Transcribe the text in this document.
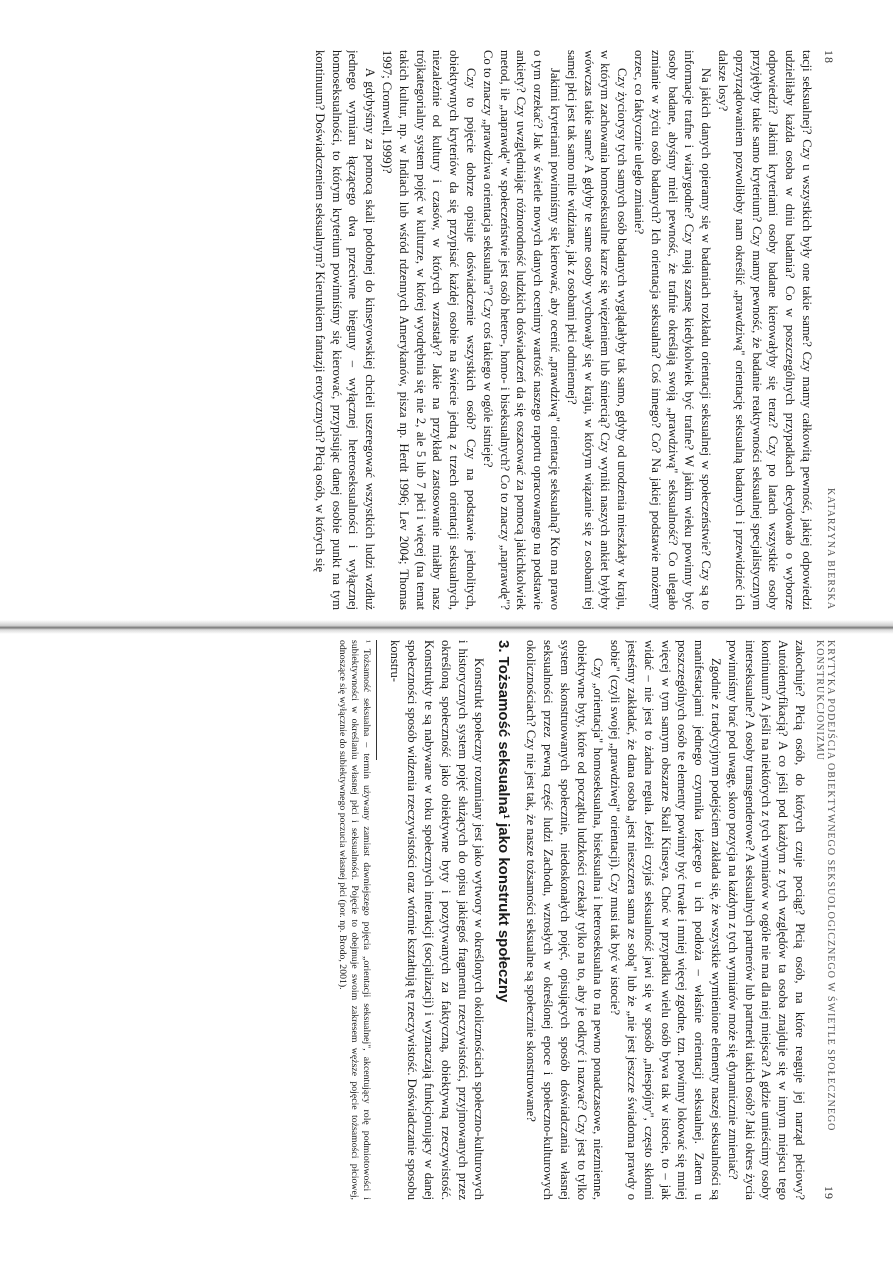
18
KATARZYNA BIERSKA

tacji seksualnej? Czy u wszystkich były one takie same? Czy mamy całkowitą pewność, jakiej odpowiedzi udzieliłaby każda osoba w dniu badania? Co w poszczególnych przypadkach decydowało o wyborze odpowiedzi? Jakimi kryteriami osoby badane kierowałyby się teraz? Czy po latach wszystkie osoby przyjęłyby takie samo kryterium? Czy mamy pewność, że badanie reaktywności seksualnej specjalistycznym oprzyrządowaniem pozwoliłoby nam określić „prawdziwą" orientację seksualną badanych i przewidzieć ich dalsze losy?

Na jakich danych opieramy się w badaniach rozkładu orientacji seksualnej w społeczeństwie? Czy są to informacje trafne i wiarygodne? Czy mają szansę kiedykolwiek być trafne? W jakim wieku powinny być osoby badane, abyśmy mieli pewność, że trafnie określają swoją „prawdziwą" seksualność? Co ulegało zmianie w życiu osób badanych? Ich orientacja seksualna? Coś innego? Co? Na jakiej podstawie możemy orzec, co faktycznie uległo zmianie?

Czy życiorysy tych samych osób badanych wyglądałyby tak samo, gdyby od urodzenia mieszkały w kraju, w którym zachowania homoseksualne karze się więzieniem lub śmiercią? Czy wyniki naszych ankiet byłyby wówczas takie same? A gdyby te same osoby wychowały się w kraju, w którym wiązanie się z osobami tej samej płci jest tak samo mile widziane, jak z osobami płci odmiennej?

Jakimi kryteriami powinniśmy się kierować, aby ocenić „prawdziwą" orientację seksualną? Kto ma prawo o tym orzekać? Jak w świetle nowych danych ocenimy wartość naszego raportu opracowanego na podstawie ankiety? Czy uwzględniając różnorodność ludzkich doświadczeń da się oszacować za pomocą jakichkolwiek metod, ile „naprawdę" w społeczeństwie jest osób hetero-, homo- i biseksualnych? Co to znaczy „naprawdę"? Co to znaczy „prawdziwa orientacja seksualna"? Czy coś takiego w ogóle istnieje?

Czy to pojęcie dobrze opisuje doświadczenie wszystkich osób? Czy na podstawie jednolitych, obiektywnych kryteriów da się przypisać każdej osobie na świecie jedną z trzech orientacji seksualnych, niezależnie od kultury i czasów, w których wzrastały? Jakie na przykład zastosowanie miałby nasz trójkategorialny system pojęć w kulturze, w której wyodrębnia się nie 2, ale 5 lub 7 płci i więcej (na temat takich kultur, np. w Indiach lub wśród rdzennych Amerykanów, pisza np. Herdt 1996; Lev 2004; Thomas 1997; Cromwell, 1999)?

A gdybyśmy za pomocą skali podobnej do kinseyowskiej chcieli uszeregować wszystkich ludzi wzdłuż jednego wymiaru łączącego dwa przeciwne bieguny – wyłącznej heteroseksualności i wyłącznej homoseksualności, to którym kryterium powinniśmy się kierować, przypisując danej osobie punkt na tym kontinuum? Doświadczeniem seksualnym? Kierunkiem fantazji erotycznych? Płcią osób, w których się

KRYTYKA PODEJŚCIA OBIEKTYWNEGO SEKSUOLOGICZNEGO W ŚWIETLE SPOŁECZNEGO KONSTRUKCJONIZMU
19

zakochuje? Płcią osób, do których czuje pociąg? Płcią osób, na które reaguje jej narząd płciowy? Autoidentyfikacją? A co jeśli pod każdym z tych względów ta osoba znajduje się w innym miejscu tego kontinuum? A jeśli na niektórych z tych wymiarów w ogóle nie ma dla niej miejsca? A gdzie umieścimy osoby interseksualne? A osoby transgenderowe? A seksualnych partnerów lub partnerki takich osób? Jaki okres życia powinniśmy brać pod uwagę, skoro pozycja na każdym z tych wymiarów może się dynamicznie zmieniać?

Zgodnie z tradycyjnym podejściem zakłada się, że wszystkie wymienione elementy naszej seksualności są manifestacjami jednego czynnika leżącego u ich podłoża – właśnie orientacji seksualnej. Zatem u poszczególnych osób te elementy powinny być trwałe i mniej więcej zgodne, tzn. powinny lokować się mniej więcej w tym samym obszarze Skali Kinseya. Choć w przypadku wielu osób bywa tak w istocie, to – jak widać – nie jest to żadna reguła. Jeżeli czyjaś seksualność jawi się w sposób „niespójny", często skłonni jesteśmy zakładać, że dana osoba „jest nieszczera sama ze sobą" lub że „nie jest jeszcze świadoma prawdy o sobie" (czyli swojej „prawdziwej" orientacji). Czy musi tak być w istocie?

Czy „orientacja" homoseksualna, biseksualna i heteroseksualna to na pewno ponadczasowe, niezmienne, obiektywne byty, które od początku ludzkości czekały tylko na to, aby je odkryć i nazwać? Czy jest to tylko system skonstruowanych społecznie, niedoskonałych pojęć, opisujących sposób doświadczania własnej seksualności przez pewną część ludzi Zachodu, wzrosłych w określonej epoce i społeczno-kulturowych okolicznościach? Czy nie jest tak, że nasze tożsamości seksualne są społecznie skonstruowane?

3. Tożsamość seksualna¹ jako konstrukt społeczny

Konstrukt społeczny rozumiany jest jako wytwory w określonych okolicznościach społeczno-kulturowych i historycznych system pojęć służących do opisu jakiegoś fragmentu rzeczywistości, przyjmowanych przez określoną społeczność jako obiektywne byty i pozytywanych za faktyczną, obiektywną rzeczywistość. Konstrukty te są nabywane w toku społecznych interakcji (socjalizacji) i wyznaczają funkcjonujący w danej społeczności sposób widzenia rzeczywistości oraz wtórnie kształtują tę rzeczywistość. Doświadczanie sposobu konstru-

¹ Tożsamość seksualna – termin używany zamiast dawniejszego pojęcia „orientacji seksualnej", akcentujący rolę podmiotowości i subiektywności w określaniu własnej płci i seksualności. Pojęcie to obejmuje swoim zakresem węższe pojęcie tożsamości płciowej, odnoszące się wyłącznie do subiektywnego poczucia własnej płci (por. np. Brodo, 2001).
